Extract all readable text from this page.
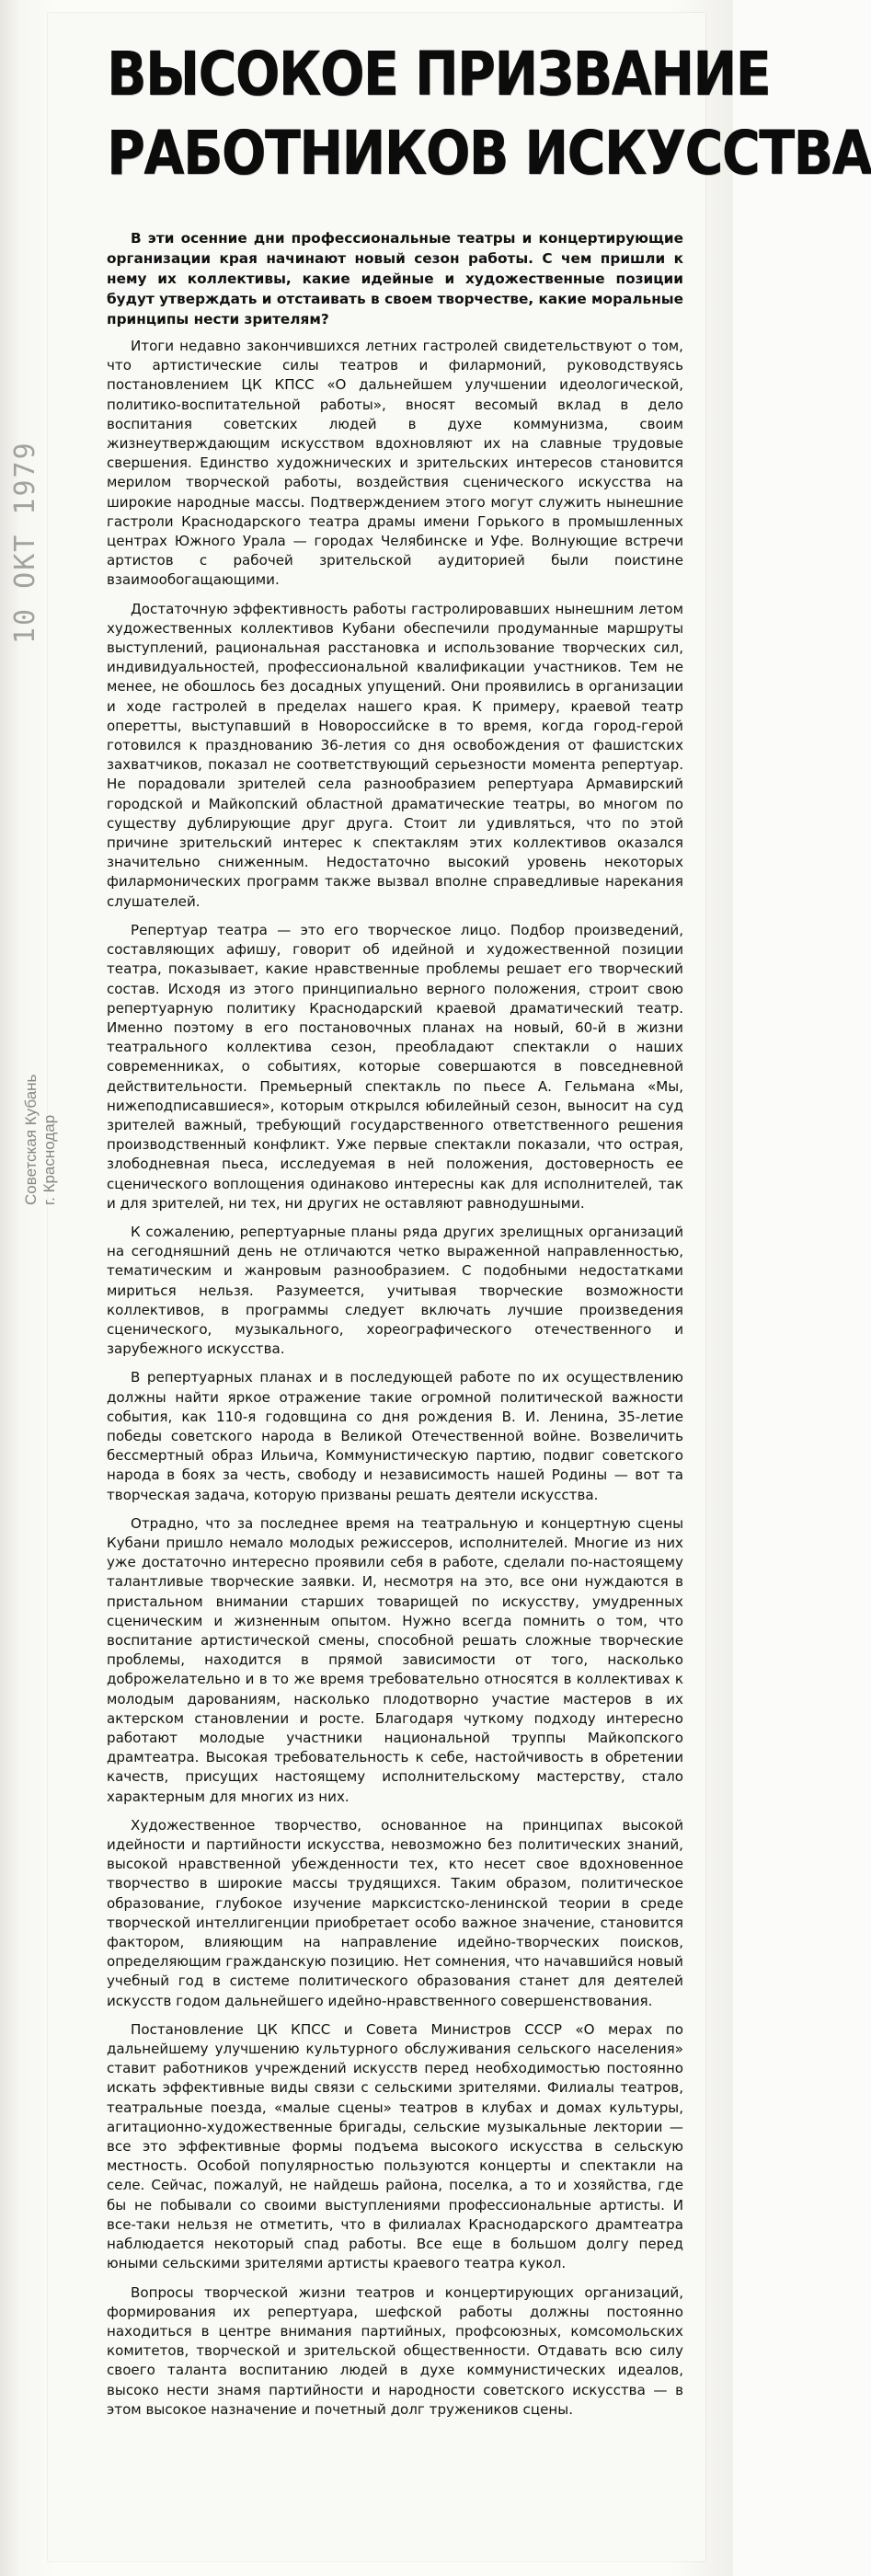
ВЫСОКОЕ ПРИЗВАНИЕ
РАБОТНИКОВ ИСКУССТВА

В эти осенние дни профессиональные театры и концертирующие организации края начинают новый сезон работы. С чем пришли к нему их коллективы, какие идейные и художественные позиции будут утверждать и отстаивать в своем творчестве, какие моральные принципы нести зрителям?

Итоги недавно закончившихся летних гастролей свидетельствуют о том, что артистические силы театров и филармоний, руководствуясь постановлением ЦК КПСС «О дальнейшем улучшении идеологической, политико-воспитательной работы», вносят весомый вклад в дело воспитания советских людей в духе коммунизма, своим жизнеутверждающим искусством вдохновляют их на славные трудовые свершения. Единство художнических и зрительских интересов становится мерилом творческой работы, воздействия сценического искусства на широкие народные массы. Подтверждением этого могут служить нынешние гастроли Краснодарского театра драмы имени Горького в промышленных центрах Южного Урала — городах Челябинске и Уфе. Волнующие встречи артистов с рабочей зрительской аудиторией были поистине взаимообогащающими.

Достаточную эффективность работы гастролировавших нынешним летом художественных коллективов Кубани обеспечили продуманные маршруты выступлений, рациональная расстановка и использование творческих сил, индивидуальностей, профессиональной квалификации участников. Тем не менее, не обошлось без досадных упущений. Они проявились в организации и ходе гастролей в пределах нашего края. К примеру, краевой театр оперетты, выступавший в Новороссийске в то время, когда город-герой готовился к празднованию 36-летия со дня освобождения от фашистских захватчиков, показал не соответствующий серьезности момента репертуар. Не порадовали зрителей села разнообразием репертуара Армавирский городской и Майкопский областной драматические театры, во многом по существу дублирующие друг друга. Стоит ли удивляться, что по этой причине зрительский интерес к спектаклям этих коллективов оказался значительно сниженным. Недостаточно высокий уровень некоторых филармонических программ также вызвал вполне справедливые нарекания слушателей.

Репертуар театра — это его творческое лицо. Подбор произведений, составляющих афишу, говорит об идейной и художественной позиции театра, показывает, какие нравственные проблемы решает его творческий состав. Исходя из этого принципиально верного положения, строит свою репертуарную политику Краснодарский краевой драматический театр. Именно поэтому в его постановочных планах на новый, 60-й в жизни театрального коллектива сезон, преобладают спектакли о наших современниках, о событиях, которые совершаются в повседневной действительности. Премьерный спектакль по пьесе А. Гельмана «Мы, нижеподписавшиеся», которым открылся юбилейный сезон, выносит на суд зрителей важный, требующий государственного ответственного решения производственный конфликт. Уже первые спектакли показали, что острая, злободневная пьеса, исследуемая в ней положения, достоверность ее сценического воплощения одинаково интересны как для исполнителей, так и для зрителей, ни тех, ни других не оставляют равнодушными.

К сожалению, репертуарные планы ряда других зрелищных организаций на сегодняшний день не отличаются четко выраженной направленностью, тематическим и жанровым разнообразием. С подобными недостатками мириться нельзя. Разумеется, учитывая творческие возможности коллективов, в программы следует включать лучшие произведения сценического, музыкального, хореографического отечественного и зарубежного искусства.

В репертуарных планах и в последующей работе по их осуществлению должны найти яркое отражение такие огромной политической важности события, как 110-я годовщина со дня рождения В. И. Ленина, 35-летие победы советского народа в Великой Отечественной войне. Возвеличить бессмертный образ Ильича, Коммунистическую партию, подвиг советского народа в боях за честь, свободу и независимость нашей Родины — вот та творческая задача, которую призваны решать деятели искусства.

Отрадно, что за последнее время на театральную и концертную сцены Кубани пришло немало молодых режиссеров, исполнителей. Многие из них уже достаточно интересно проявили себя в работе, сделали по-настоящему талантливые творческие заявки. И, несмотря на это, все они нуждаются в пристальном внимании старших товарищей по искусству, умудренных сценическим и жизненным опытом. Нужно всегда помнить о том, что воспитание артистической смены, способной решать сложные творческие проблемы, находится в прямой зависимости от того, насколько доброжелательно и в то же время требовательно относятся в коллективах к молодым дарованиям, насколько плодотворно участие мастеров в их актерском становлении и росте. Благодаря чуткому подходу интересно работают молодые участники национальной труппы Майкопского драмтеатра. Высокая требовательность к себе, настойчивость в обретении качеств, присущих настоящему исполнительскому мастерству, стало характерным для многих из них.

Художественное творчество, основанное на принципах высокой идейности и партийности искусства, невозможно без политических знаний, высокой нравственной убежденности тех, кто несет свое вдохновенное творчество в широкие массы трудящихся. Таким образом, политическое образование, глубокое изучение марксистско-ленинской теории в среде творческой интеллигенции приобретает особо важное значение, становится фактором, влияющим на направление идейно-творческих поисков, определяющим гражданскую позицию. Нет сомнения, что начавшийся новый учебный год в системе политического образования станет для деятелей искусств годом дальнейшего идейно-нравственного совершенствования.

Постановление ЦК КПСС и Совета Министров СССР «О мерах по дальнейшему улучшению культурного обслуживания сельского населения» ставит работников учреждений искусств перед необходимостью постоянно искать эффективные виды связи с сельскими зрителями. Филиалы театров, театральные поезда, «малые сцены» театров в клубах и домах культуры, агитационно-художественные бригады, сельские музыкальные лектории — все это эффективные формы подъема высокого искусства в сельскую местность. Особой популярностью пользуются концерты и спектакли на селе. Сейчас, пожалуй, не найдешь района, поселка, а то и хозяйства, где бы не побывали со своими выступлениями профессиональные артисты. И все-таки нельзя не отметить, что в филиалах Краснодарского драмтеатра наблюдается некоторый спад работы. Все еще в большом долгу перед юными сельскими зрителями артисты краевого театра кукол.

Вопросы творческой жизни театров и концертирующих организаций, формирования их репертуара, шефской работы должны постоянно находиться в центре внимания партийных, профсоюзных, комсомольских комитетов, творческой и зрительской общественности. Отдавать всю силу своего таланта воспитанию людей в духе коммунистических идеалов, высоко нести знамя партийности и народности советского искусства — в этом высокое назначение и почетный долг тружеников сцены.

10 ОКТ 1979
Советская Кубань г. Краснодар
